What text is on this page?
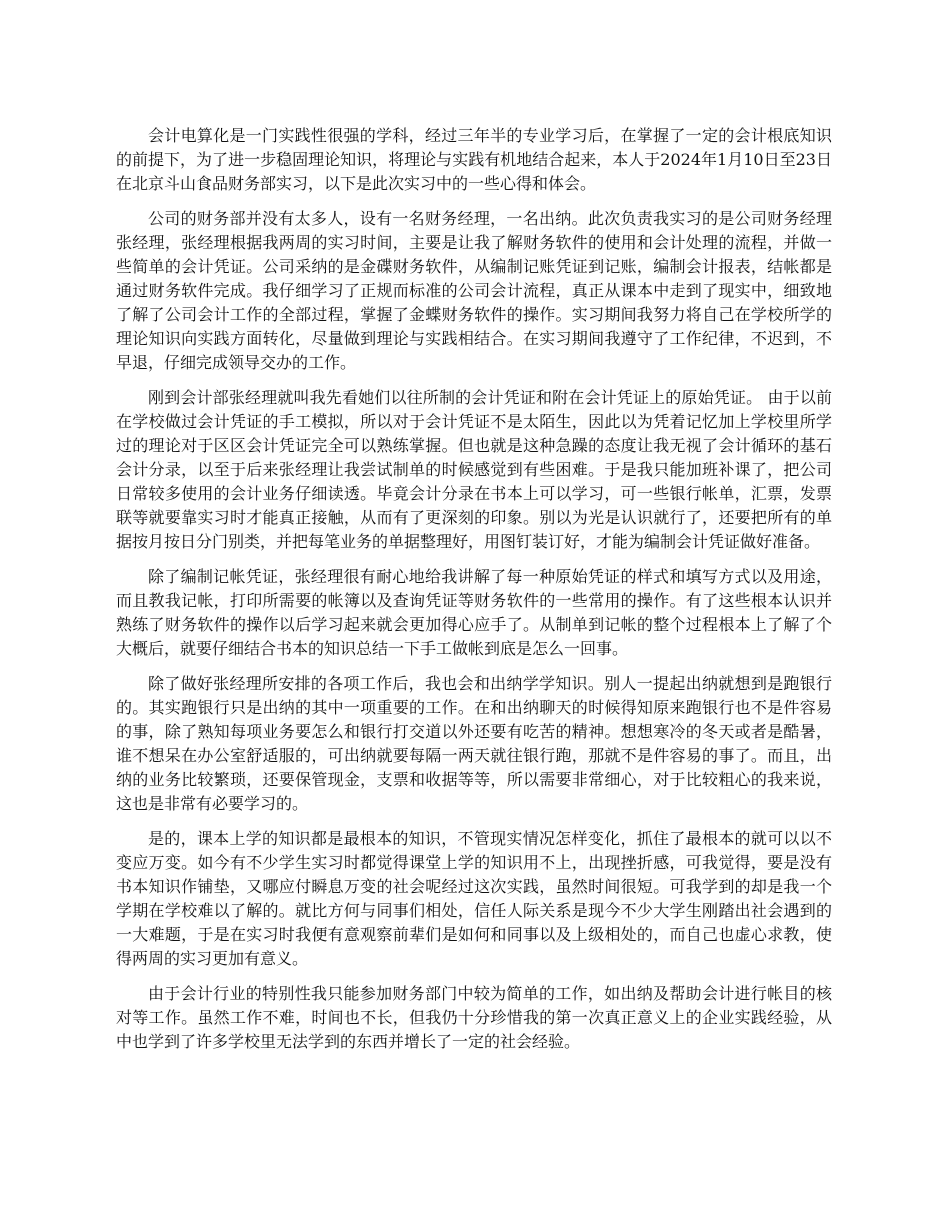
会计电算化是一门实践性很强的学科，经过三年半的专业学习后，在掌握了一定的会计根底知识的前提下，为了进一步稳固理论知识，将理论与实践有机地结合起来，本人于2024年1月10日至23日在北京斗山食品财务部实习，以下是此次实习中的一些心得和体会。

公司的财务部并没有太多人，设有一名财务经理，一名出纳。此次负责我实习的是公司财务经理张经理，张经理根据我两周的实习时间，主要是让我了解财务软件的使用和会计处理的流程，并做一些简单的会计凭证。公司采纳的是金碟财务软件，从编制记账凭证到记账，编制会计报表，结帐都是通过财务软件完成。我仔细学习了正规而标准的公司会计流程，真正从课本中走到了现实中，细致地了解了公司会计工作的全部过程，掌握了金蝶财务软件的操作。实习期间我努力将自己在学校所学的理论知识向实践方面转化，尽量做到理论与实践相结合。在实习期间我遵守了工作纪律，不迟到，不早退，仔细完成领导交办的工作。

刚到会计部张经理就叫我先看她们以往所制的会计凭证和附在会计凭证上的原始凭证。 由于以前在学校做过会计凭证的手工模拟，所以对于会计凭证不是太陌生，因此以为凭着记忆加上学校里所学过的理论对于区区会计凭证完全可以熟练掌握。但也就是这种急躁的态度让我无视了会计循环的基石会计分录，以至于后来张经理让我尝试制单的时候感觉到有些困难。于是我只能加班补课了，把公司日常较多使用的会计业务仔细读透。毕竟会计分录在书本上可以学习，可一些银行帐单，汇票，发票联等就要靠实习时才能真正接触，从而有了更深刻的印象。别以为光是认识就行了，还要把所有的单据按月按日分门别类，并把每笔业务的单据整理好，用图钉装订好，才能为编制会计凭证做好准备。

除了编制记帐凭证，张经理很有耐心地给我讲解了每一种原始凭证的样式和填写方式以及用途，而且教我记帐，打印所需要的帐簿以及查询凭证等财务软件的一些常用的操作。有了这些根本认识并熟练了财务软件的操作以后学习起来就会更加得心应手了。从制单到记帐的整个过程根本上了解了个大概后，就要仔细结合书本的知识总结一下手工做帐到底是怎么一回事。

除了做好张经理所安排的各项工作后，我也会和出纳学学知识。别人一提起出纳就想到是跑银行的。其实跑银行只是出纳的其中一项重要的工作。在和出纳聊天的时候得知原来跑银行也不是件容易的事，除了熟知每项业务要怎么和银行打交道以外还要有吃苦的精神。想想寒冷的冬天或者是酷暑，谁不想呆在办公室舒适服的，可出纳就要每隔一两天就往银行跑，那就不是件容易的事了。而且，出纳的业务比较繁琐，还要保管现金，支票和收据等等，所以需要非常细心，对于比较粗心的我来说，这也是非常有必要学习的。

是的，课本上学的知识都是最根本的知识，不管现实情况怎样变化，抓住了最根本的就可以以不变应万变。如今有不少学生实习时都觉得课堂上学的知识用不上，出现挫折感，可我觉得，要是没有书本知识作铺垫，又哪应付瞬息万变的社会呢经过这次实践，虽然时间很短。可我学到的却是我一个学期在学校难以了解的。就比方何与同事们相处，信任人际关系是现今不少大学生刚踏出社会遇到的一大难题，于是在实习时我便有意观察前辈们是如何和同事以及上级相处的，而自己也虚心求教，使得两周的实习更加有意义。

由于会计行业的特别性我只能参加财务部门中较为简单的工作，如出纳及帮助会计进行帐目的核对等工作。虽然工作不难，时间也不长，但我仍十分珍惜我的第一次真正意义上的企业实践经验，从中也学到了许多学校里无法学到的东西并增长了一定的社会经验。
